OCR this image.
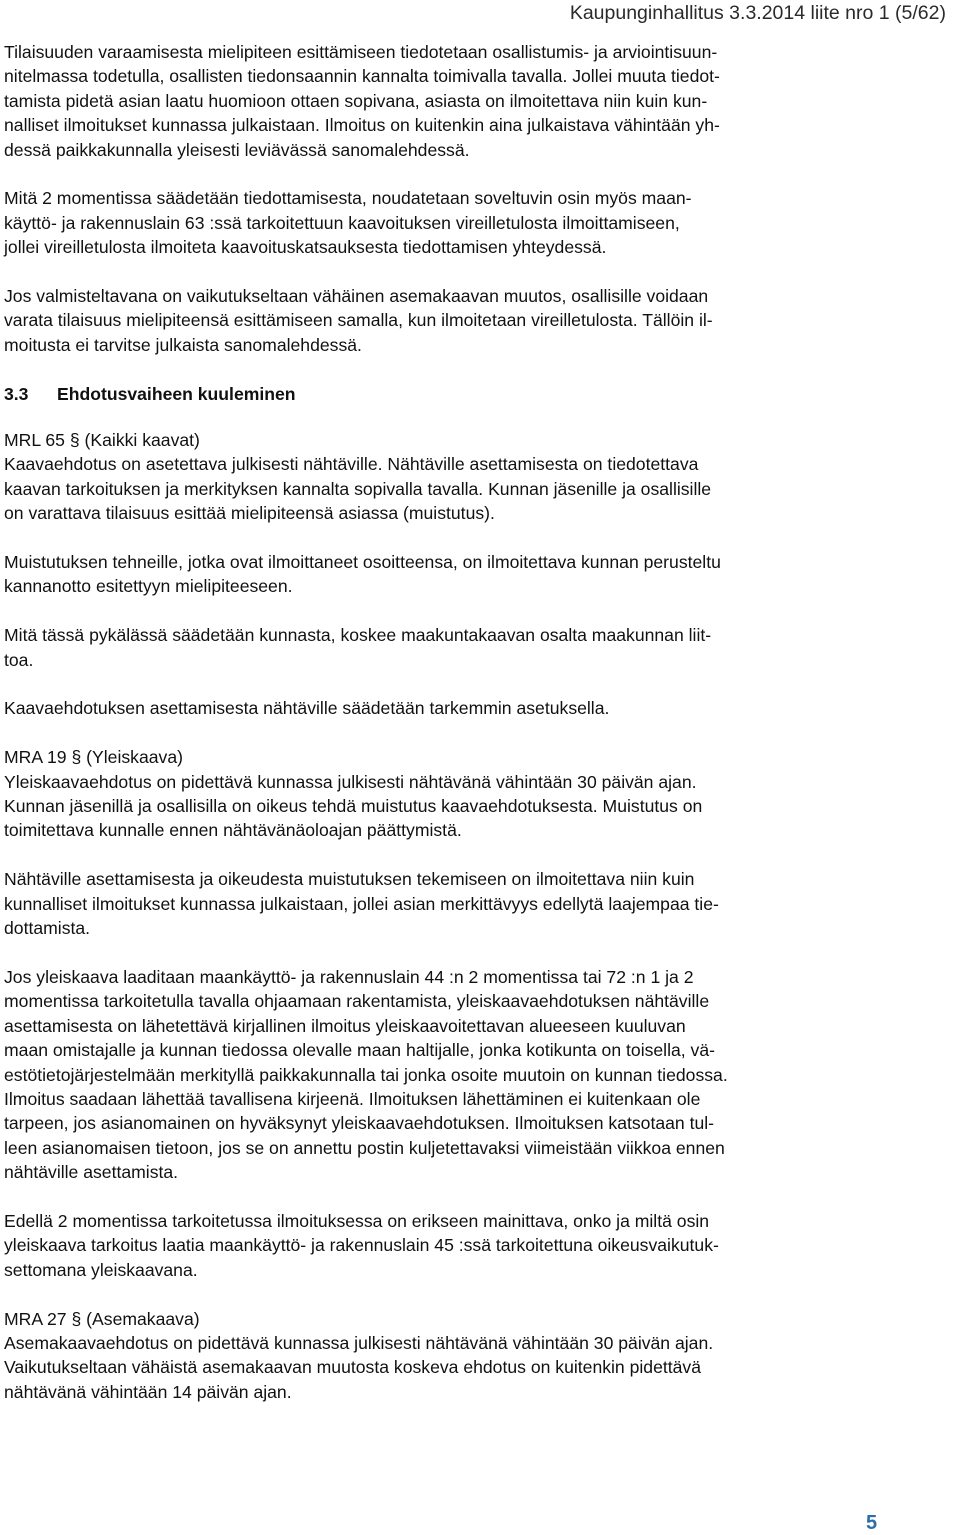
Kaupunginhallitus 3.3.2014 liite nro 1 (5/62)
Tilaisuuden varaamisesta mielipiteen esittämiseen tiedotetaan osallistumis- ja arviointisuun-
nitelmassa todetulla, osallisten tiedonsaannin kannalta toimivalla tavalla. Jollei muuta tiedot-
tamista pidetä asian laatu huomioon ottaen sopivana, asiasta on ilmoitettava niin kuin kun-
nalliset ilmoitukset kunnassa julkaistaan. Ilmoitus on kuitenkin aina julkaistava vähintään yh-
dessä paikkakunnalla yleisesti leviävässä sanomalehdessä.
Mitä 2 momentissa säädetään tiedottamisesta, noudatetaan soveltuvin osin myös maan-
käyttö- ja rakennuslain 63 :ssä tarkoitettuun kaavoituksen vireilletulosta ilmoittamiseen,
jollei vireilletulosta ilmoiteta kaavoituskatsauksesta tiedottamisen yhteydessä.
Jos valmisteltavana on vaikutukseltaan vähäinen asemakaavan muutos, osallisille voidaan
varata tilaisuus mielipiteensä esittämiseen samalla, kun ilmoitetaan vireilletulosta. Tällöin il-
moitusta ei tarvitse julkaista sanomalehdessä.
3.3 Ehdotusvaiheen kuuleminen
MRL 65 § (Kaikki kaavat)
Kaavaehdotus on asetettava julkisesti nähtäville. Nähtäville asettamisesta on tiedotettava
kaavan tarkoituksen ja merkityksen kannalta sopivalla tavalla. Kunnan jäsenille ja osallisille
on varattava tilaisuus esittää mielipiteensä asiassa (muistutus).
Muistutuksen tehneille, jotka ovat ilmoittaneet osoitteensa, on ilmoitettava kunnan perusteltu
kannanotto esitettyyn mielipiteeseen.
Mitä tässä pykälässä säädetään kunnasta, koskee maakuntakaavan osalta maakunnan liit-
toa.
Kaavaehdotuksen asettamisesta nähtäville säädetään tarkemmin asetuksella.
MRA 19 § (Yleiskaava)
Yleiskaavaehdotus on pidettävä kunnassa julkisesti nähtävänä vähintään 30 päivän ajan.
Kunnan jäsenillä ja osallisilla on oikeus tehdä muistutus kaavaehdotuksesta. Muistutus on
toimitettava kunnalle ennen nähtävänäoloajan päättymistä.
Nähtäville asettamisesta ja oikeudesta muistutuksen tekemiseen on ilmoitettava niin kuin
kunnalliset ilmoitukset kunnassa julkaistaan, jollei asian merkittävyys edellytä laajempaa tie-
dottamista.
Jos yleiskaava laaditaan maankäyttö- ja rakennuslain 44 :n 2 momentissa tai 72 :n 1 ja 2
momentissa tarkoitetulla tavalla ohjaamaan rakentamista, yleiskaavaehdotuksen nähtäville
asettamisesta on lähetettävä kirjallinen ilmoitus yleiskaavoitettavan alueeseen kuuluvan
maan omistajalle ja kunnan tiedossa olevalle maan haltijalle, jonka kotikunta on toisella, vä-
estötietojärjestelmään merkityllä paikkakunnalla tai jonka osoite muutoin on kunnan tiedossa.
Ilmoitus saadaan lähettää tavallisena kirjeenä. Ilmoituksen lähettäminen ei kuitenkaan ole
tarpeen, jos asianomainen on hyväksynyt yleiskaavaehdotuksen. Ilmoituksen katsotaan tul-
leen asianomaisen tietoon, jos se on annettu postin kuljetettavaksi viimeistään viikkoa ennen
nähtäville asettamista.
Edellä 2 momentissa tarkoitetussa ilmoituksessa on erikseen mainittava, onko ja miltä osin
yleiskaava tarkoitus laatia maankäyttö- ja rakennuslain 45 :ssä tarkoitettuna oikeusvaikutuk-
settomana yleiskaavana.
MRA 27 § (Asemakaava)
Asemakaavaehdotus on pidettävä kunnassa julkisesti nähtävänä vähintään 30 päivän ajan.
Vaikutukseltaan vähäistä asemakaavan muutosta koskeva ehdotus on kuitenkin pidettävä
nähtävänä vähintään 14 päivän ajan.
5
